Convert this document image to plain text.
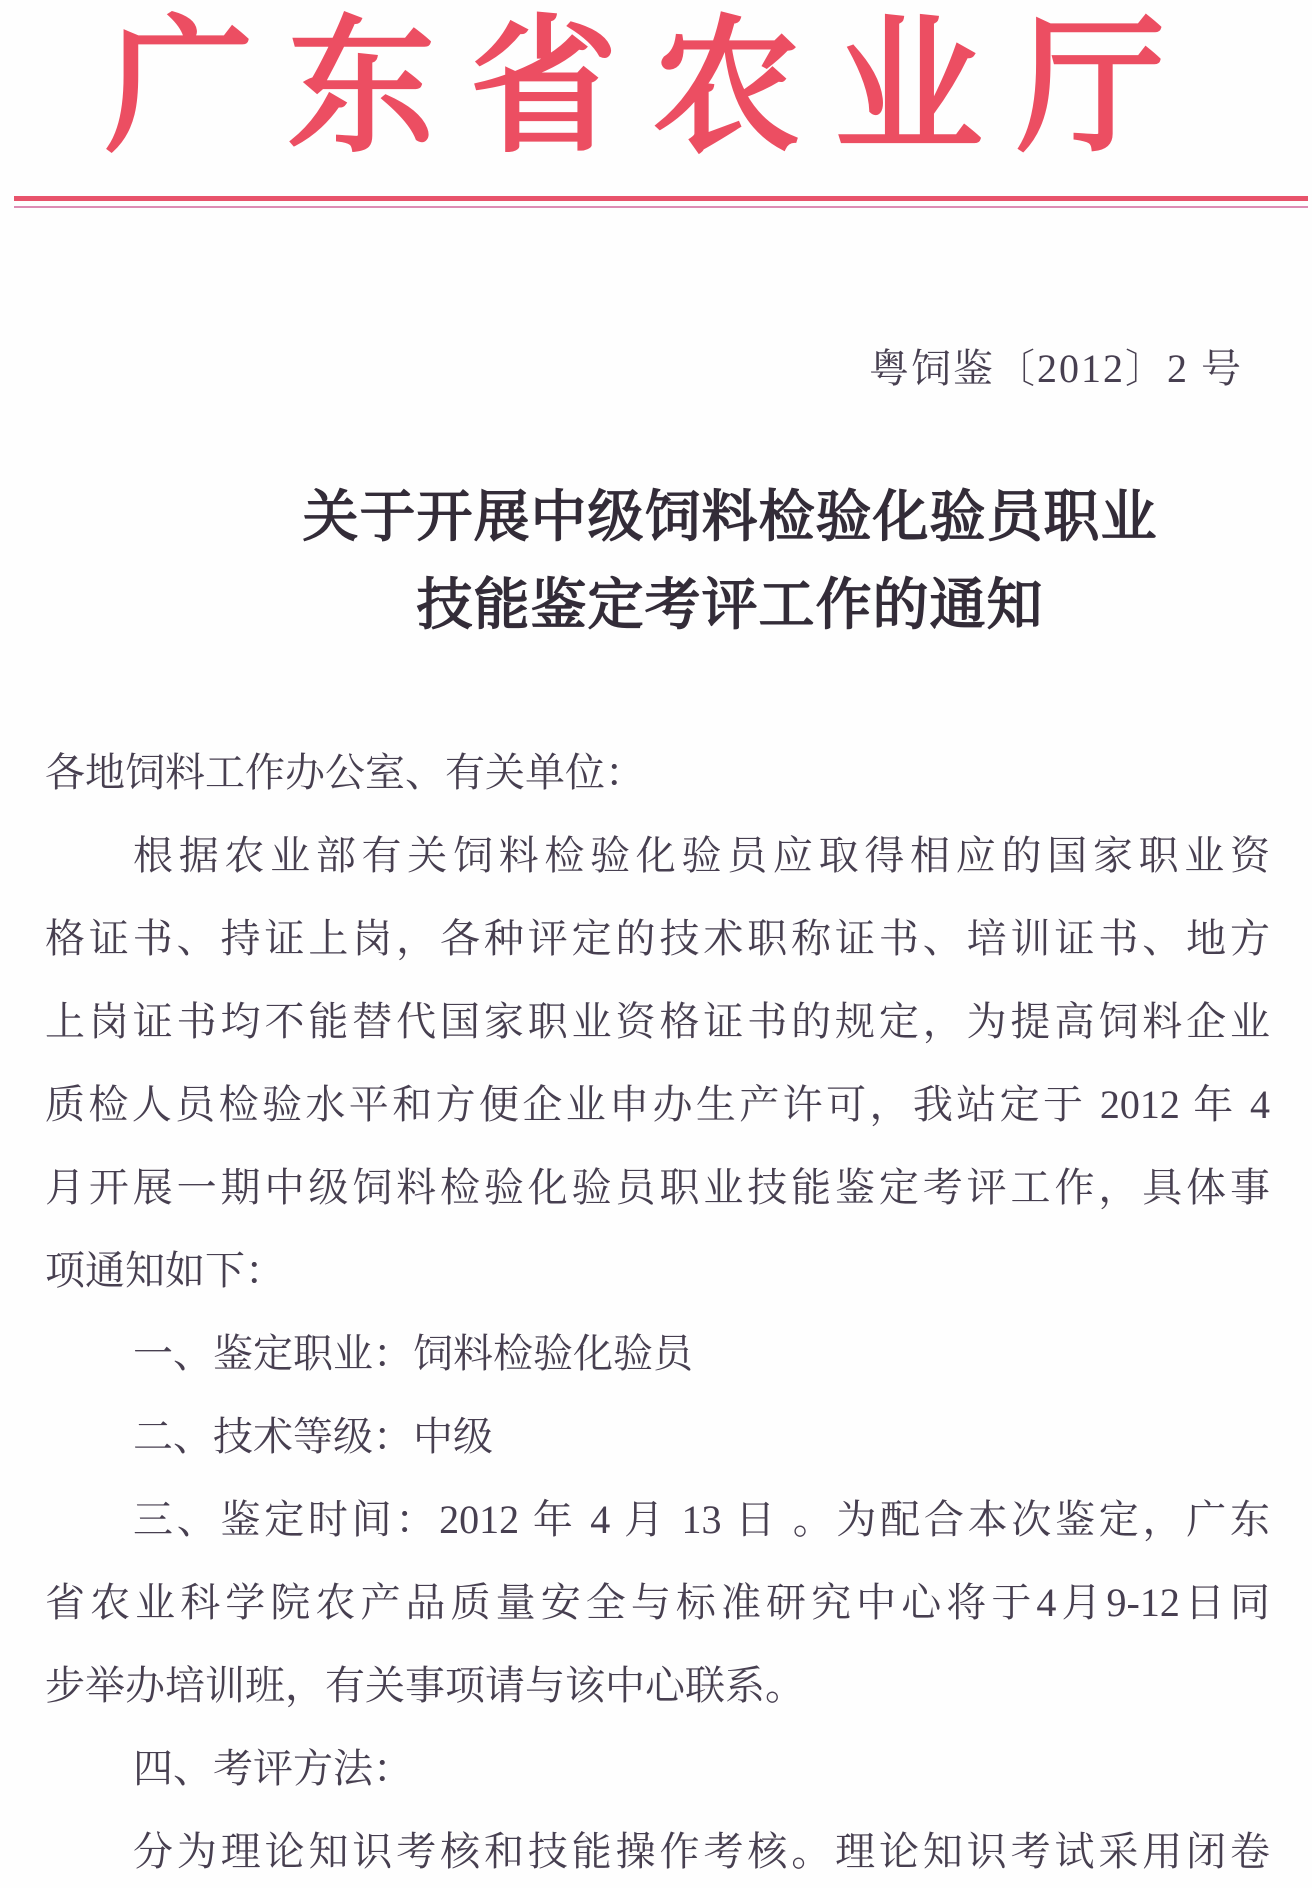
广 东 省 农 业 厅
粤饲鉴〔2012〕2 号
关于开展中级饲料检验化验员职业
技能鉴定考评工作的通知
各地饲料工作办公室、有关单位：
根据农业部有关饲料检验化验员应取得相应的国家职业资
格证书、持证上岗，各种评定的技术职称证书、培训证书、地方
上岗证书均不能替代国家职业资格证书的规定，为提高饲料企业
质检人员检验水平和方便企业申办生产许可，我站定于 2012 年 4
月开展一期中级饲料检验化验员职业技能鉴定考评工作，具体事
项通知如下：
一、鉴定职业：饲料检验化验员
二、技术等级：中级
三、鉴定时间：2012 年 4 月 13 日 。为配合本次鉴定，广东
省农业科学院农产品质量安全与标准研究中心将于4月9-12日同
步举办培训班，有关事项请与该中心联系。
四、考评方法：
分为理论知识考核和技能操作考核。理论知识考试采用闭卷
